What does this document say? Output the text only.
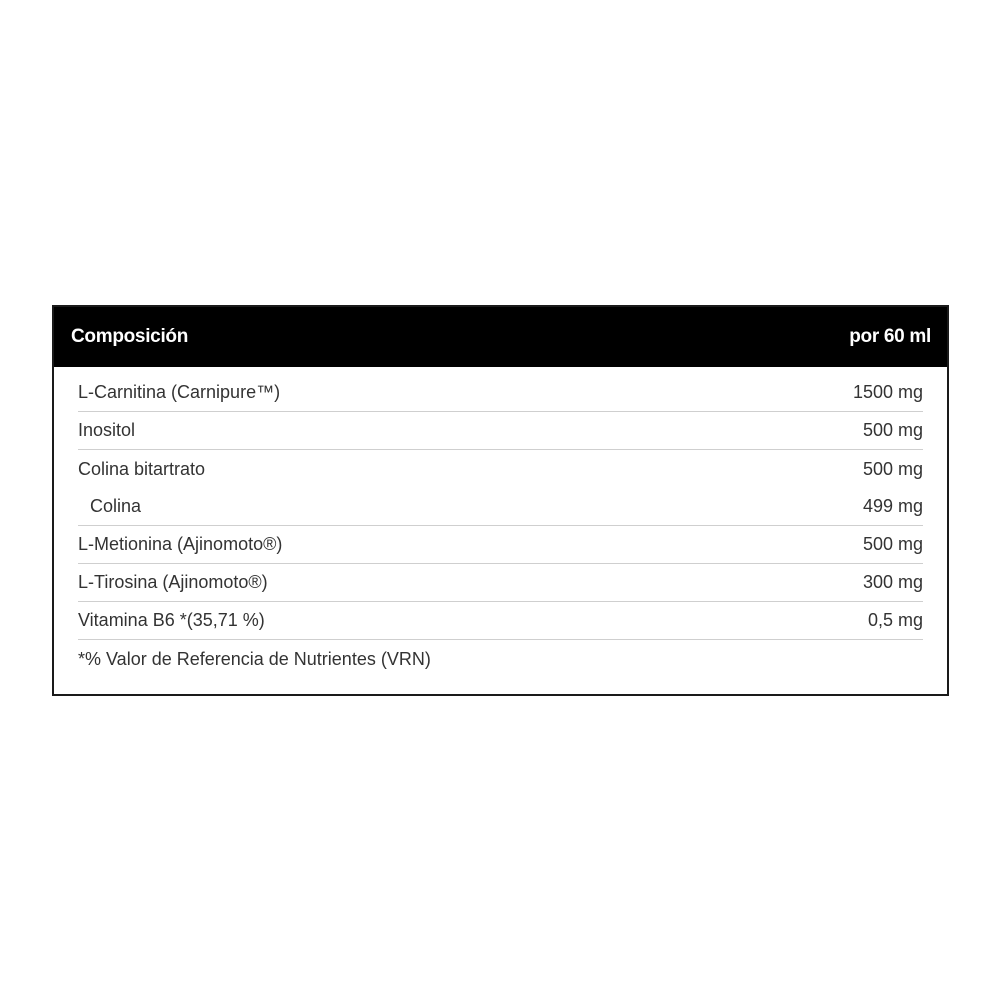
Composición	por 60 ml
L-Carnitina (Carnipure™)	1500 mg
Inositol	500 mg
Colina bitartrato	500 mg
Colina	499 mg
L-Metionina (Ajinomoto®)	500 mg
L-Tirosina (Ajinomoto®)	300 mg
Vitamina B6 *(35,71 %)	0,5 mg
*% Valor de Referencia de Nutrientes (VRN)
